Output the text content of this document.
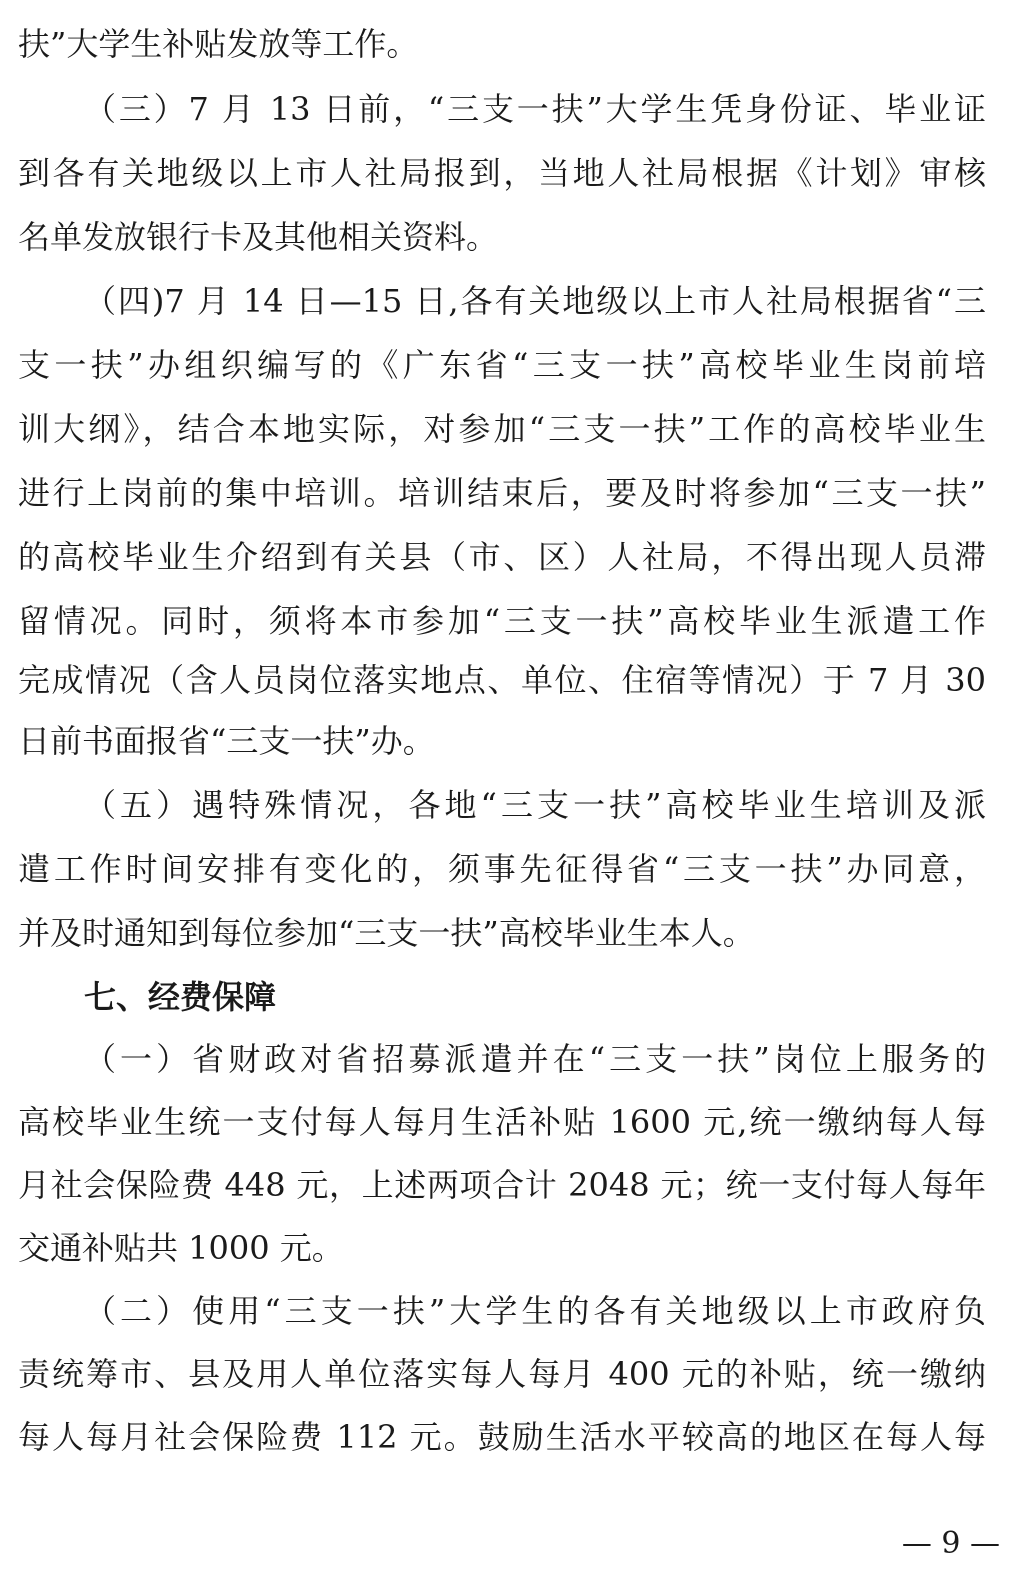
扶”大学生补贴发放等工作。
（三）7 月 13 日前，“三支一扶”大学生凭身份证、毕业证
到各有关地级以上市人社局报到，当地人社局根据《计划》审核
名单发放银行卡及其他相关资料。
（四)7 月 14 日—15 日,各有关地级以上市人社局根据省“三
支一扶”办组织编写的《广东省“三支一扶”高校毕业生岗前培
训大纲》，结合本地实际，对参加“三支一扶”工作的高校毕业生
进行上岗前的集中培训。培训结束后，要及时将参加“三支一扶”
的高校毕业生介绍到有关县（市、区）人社局，不得出现人员滞
留情况。同时，须将本市参加“三支一扶”高校毕业生派遣工作
完成情况（含人员岗位落实地点、单位、住宿等情况）于 7 月 30
日前书面报省“三支一扶”办。
（五）遇特殊情况，各地“三支一扶”高校毕业生培训及派
遣工作时间安排有变化的，须事先征得省“三支一扶”办同意，
并及时通知到每位参加“三支一扶”高校毕业生本人。
七、经费保障
（一）省财政对省招募派遣并在“三支一扶”岗位上服务的
高校毕业生统一支付每人每月生活补贴 1600 元,统一缴纳每人每
月社会保险费 448 元，上述两项合计 2048 元；统一支付每人每年
交通补贴共 1000 元。
（二）使用“三支一扶”大学生的各有关地级以上市政府负
责统筹市、县及用人单位落实每人每月 400 元的补贴，统一缴纳
每人每月社会保险费 112 元。鼓励生活水平较高的地区在每人每
— 9 —
